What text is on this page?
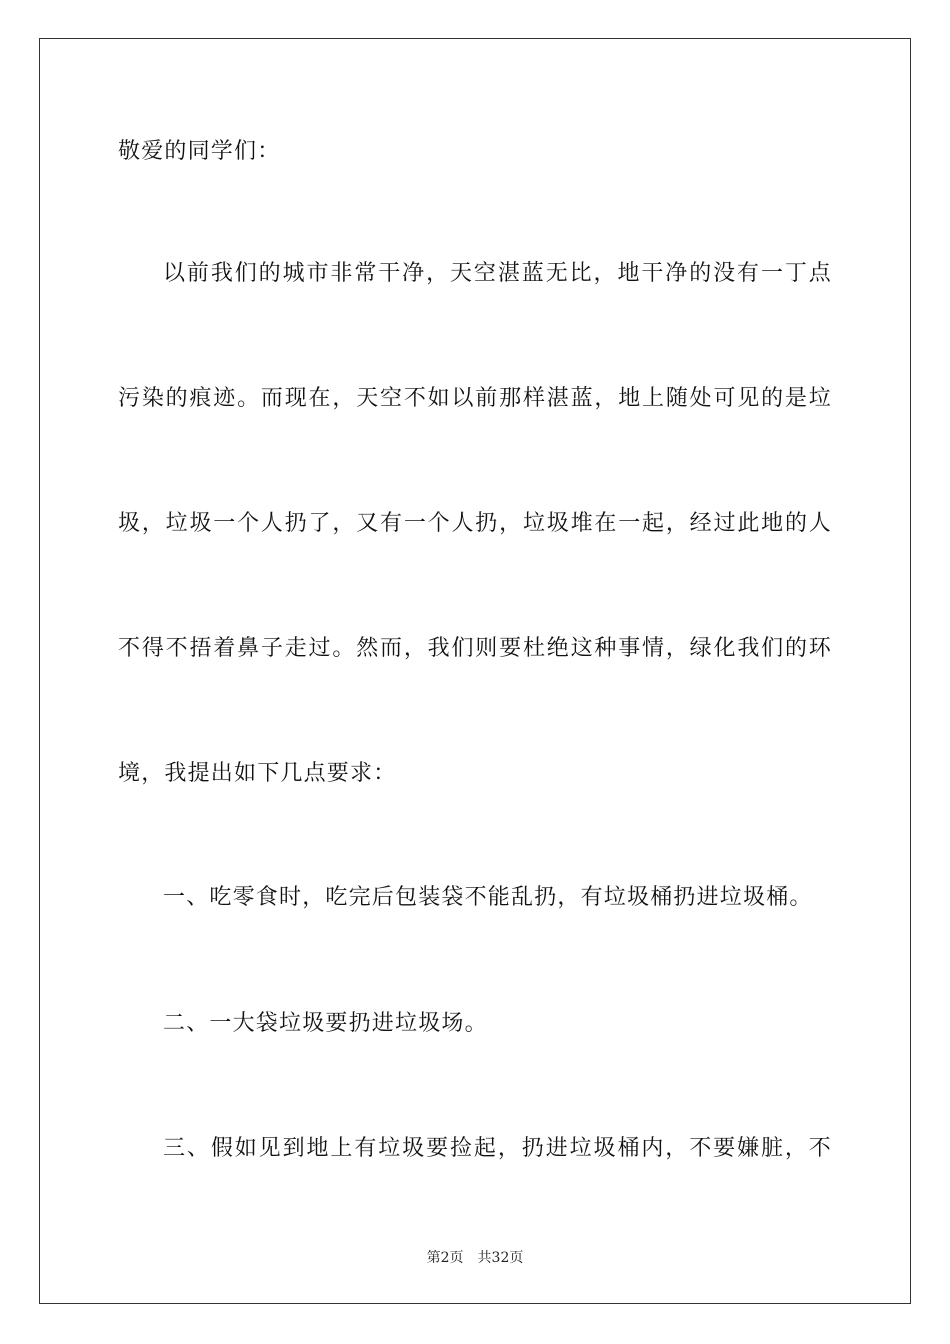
敬爱的同学们：

以前我们的城市非常干净，天空湛蓝无比，地干净的没有一丁点

污染的痕迹。而现在，天空不如以前那样湛蓝，地上随处可见的是垃

圾，垃圾一个人扔了，又有一个人扔，垃圾堆在一起，经过此地的人

不得不捂着鼻子走过。然而，我们则要杜绝这种事情，绿化我们的环

境，我提出如下几点要求：

一、吃零食时，吃完后包装袋不能乱扔，有垃圾桶扔进垃圾桶。

二、一大袋垃圾要扔进垃圾场。

三、假如见到地上有垃圾要捡起，扔进垃圾桶内，不要嫌脏，不

第2页 共32页
